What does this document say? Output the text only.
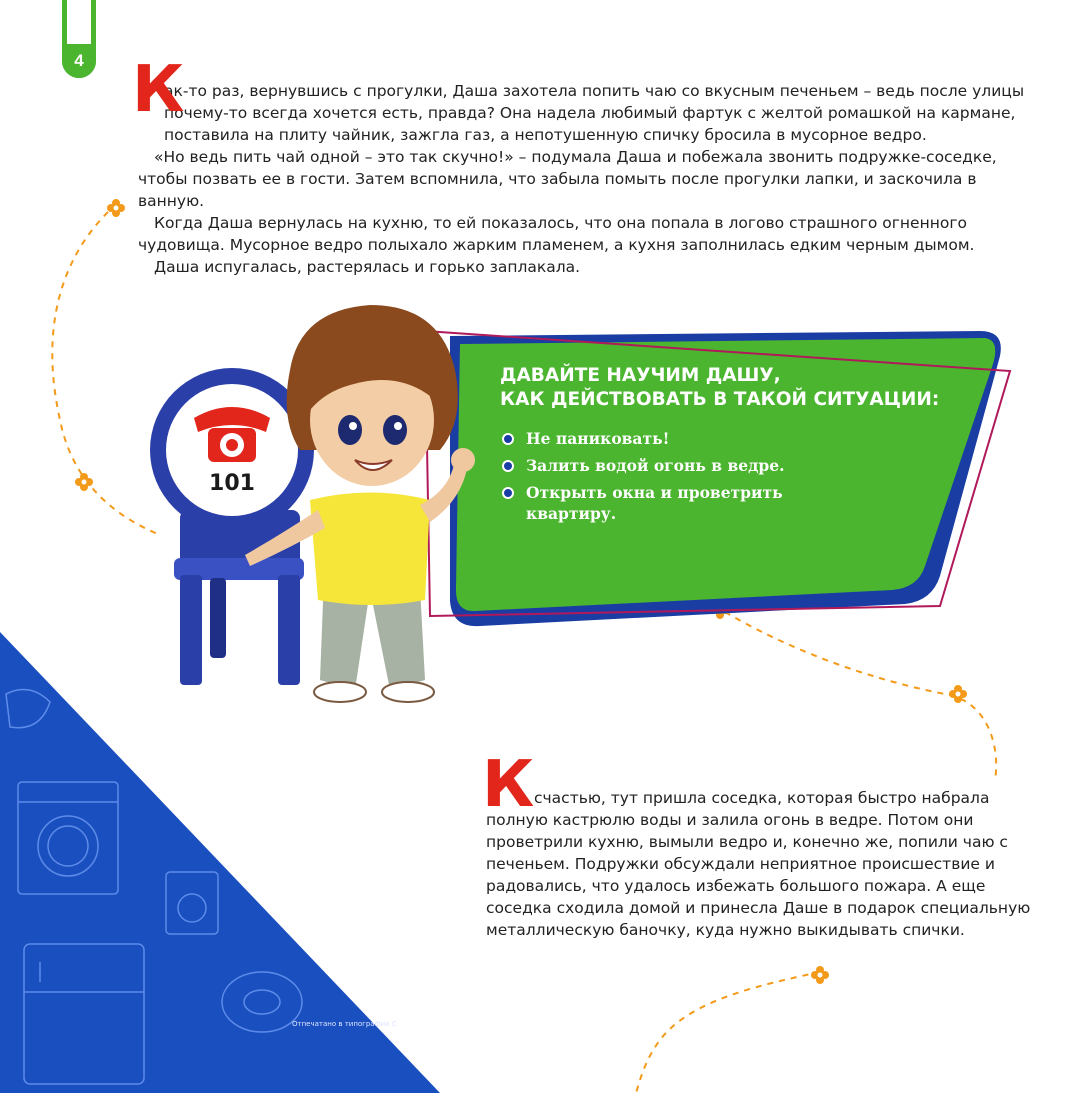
4 К

ак-то раз, вернувшись с прогулки, Даша захотела попить чаю со вкусным печеньем – ведь после улицы почему-то всегда хочется есть, правда? Она надела любимый фартук с желтой ромашкой на кармане, поставила на плиту чайник, зажгла газ, а непотушенную спичку бросила в мусорное ведро.

«Но ведь пить чай одной – это так скучно!» – подумала Даша и побежала звонить подружке-соседке, чтобы позвать ее в гости. Затем вспомнила, что забыла помыть после прогулки лапки, и заскочила в ванную.

Когда Даша вернулась на кухню, то ей показалось, что она попала в логово страшного огненного чудовища. Мусорное ведро полыхало жарким пламенем, а кухня заполнилась едким черным дымом.

Даша испугалась, растерялась и горько заплакала.

ДАВАЙТЕ НАУЧИМ ДАШУ,
КАК ДЕЙСТВОВАТЬ В ТАКОЙ СИТУАЦИИ:
Не паниковать!
Залить водой огонь в ведре.
Открыть окна и проветрить квартиру.
101
Отпечатано в типографии С
К счастью, тут пришла соседка, которая быстро набрала полную кастрюлю воды и залила огонь в ведре. Потом они проветрили кухню, вымыли ведро и, конечно же, попили чаю с печеньем. Подружки обсуждали неприятное происшествие и радовались, что удалось избежать большого пожара. А еще соседка сходила домой и принесла Даше в подарок специальную металлическую баночку, куда нужно выкидывать спички.
